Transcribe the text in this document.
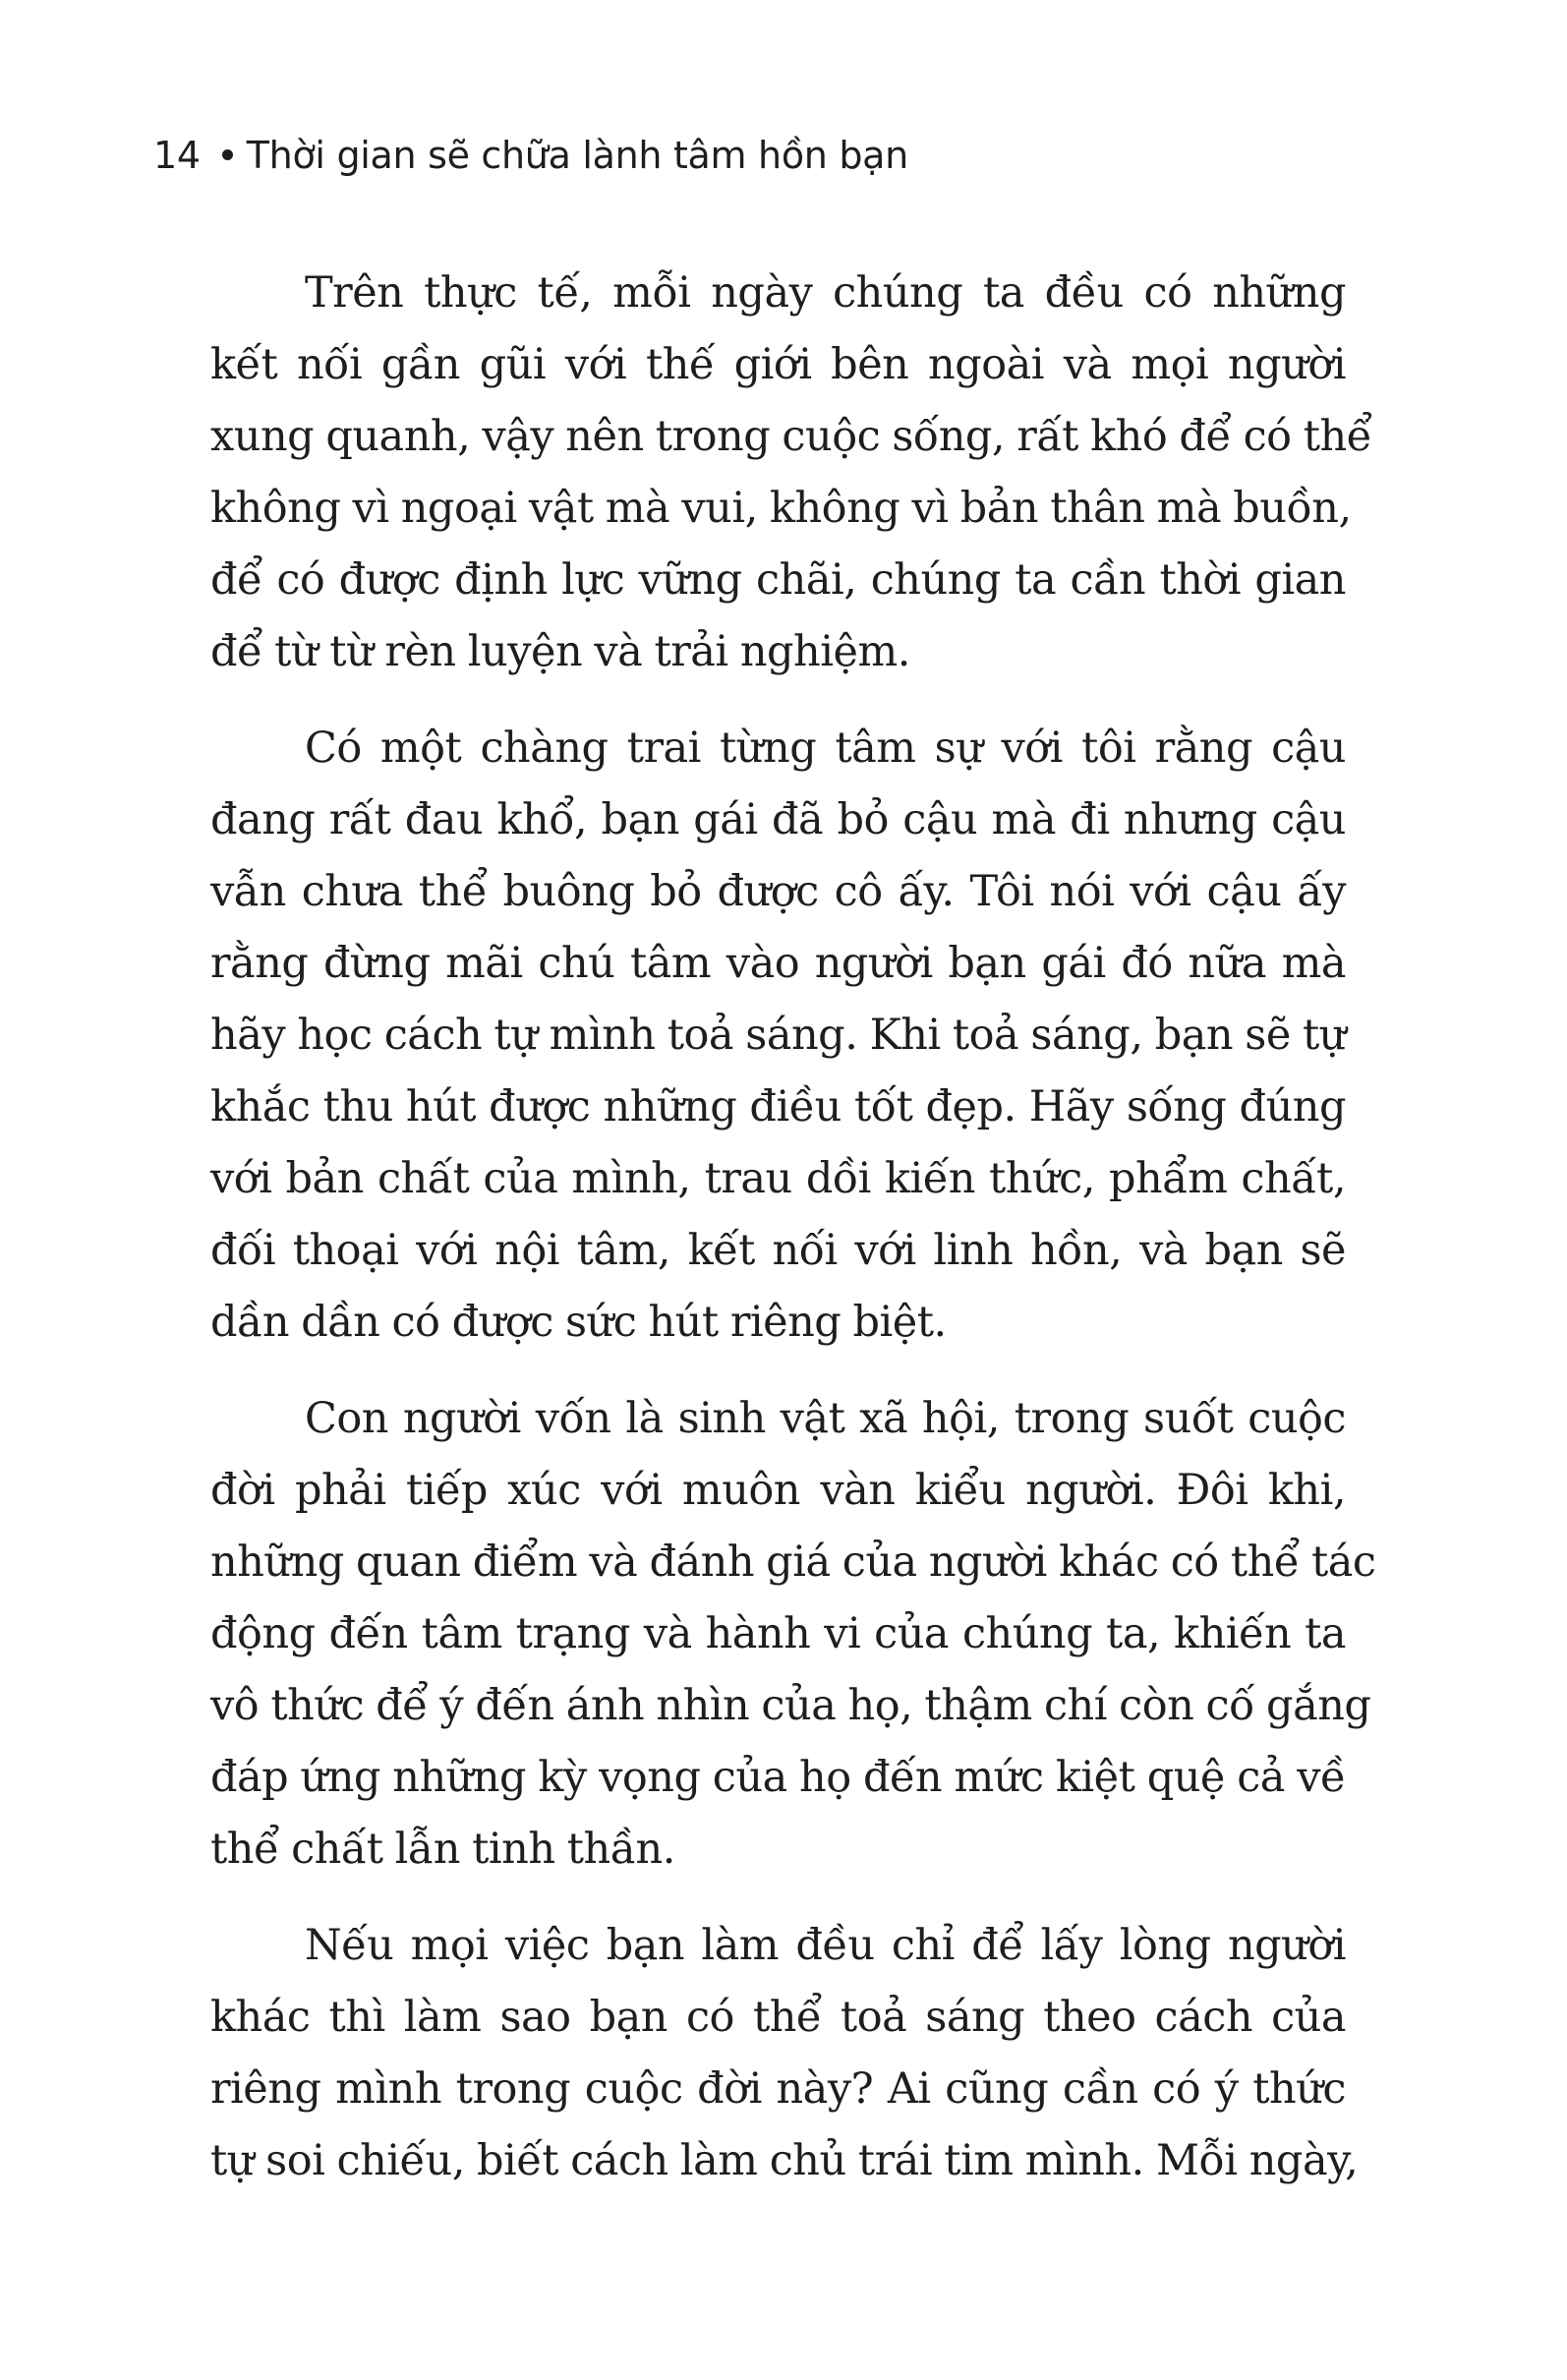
14 Thời gian sẽ chữa lành tâm hồn bạn

Trên thực tế, mỗi ngày chúng ta đều có những
kết nối gần gũi với thế giới bên ngoài và mọi người
xung quanh, vậy nên trong cuộc sống, rất khó để có thể
không vì ngoại vật mà vui, không vì bản thân mà buồn,
để có được định lực vững chãi, chúng ta cần thời gian
để từ từ rèn luyện và trải nghiệm.

Có một chàng trai từng tâm sự với tôi rằng cậu
đang rất đau khổ, bạn gái đã bỏ cậu mà đi nhưng cậu
vẫn chưa thể buông bỏ được cô ấy. Tôi nói với cậu ấy
rằng đừng mãi chú tâm vào người bạn gái đó nữa mà
hãy học cách tự mình toả sáng. Khi toả sáng, bạn sẽ tự
khắc thu hút được những điều tốt đẹp. Hãy sống đúng
với bản chất của mình, trau dồi kiến thức, phẩm chất,
đối thoại với nội tâm, kết nối với linh hồn, và bạn sẽ
dần dần có được sức hút riêng biệt.

Con người vốn là sinh vật xã hội, trong suốt cuộc
đời phải tiếp xúc với muôn vàn kiểu người. Đôi khi,
những quan điểm và đánh giá của người khác có thể tác
động đến tâm trạng và hành vi của chúng ta, khiến ta
vô thức để ý đến ánh nhìn của họ, thậm chí còn cố gắng
đáp ứng những kỳ vọng của họ đến mức kiệt quệ cả về
thể chất lẫn tinh thần.

Nếu mọi việc bạn làm đều chỉ để lấy lòng người
khác thì làm sao bạn có thể toả sáng theo cách của
riêng mình trong cuộc đời này? Ai cũng cần có ý thức
tự soi chiếu, biết cách làm chủ trái tim mình. Mỗi ngày,
